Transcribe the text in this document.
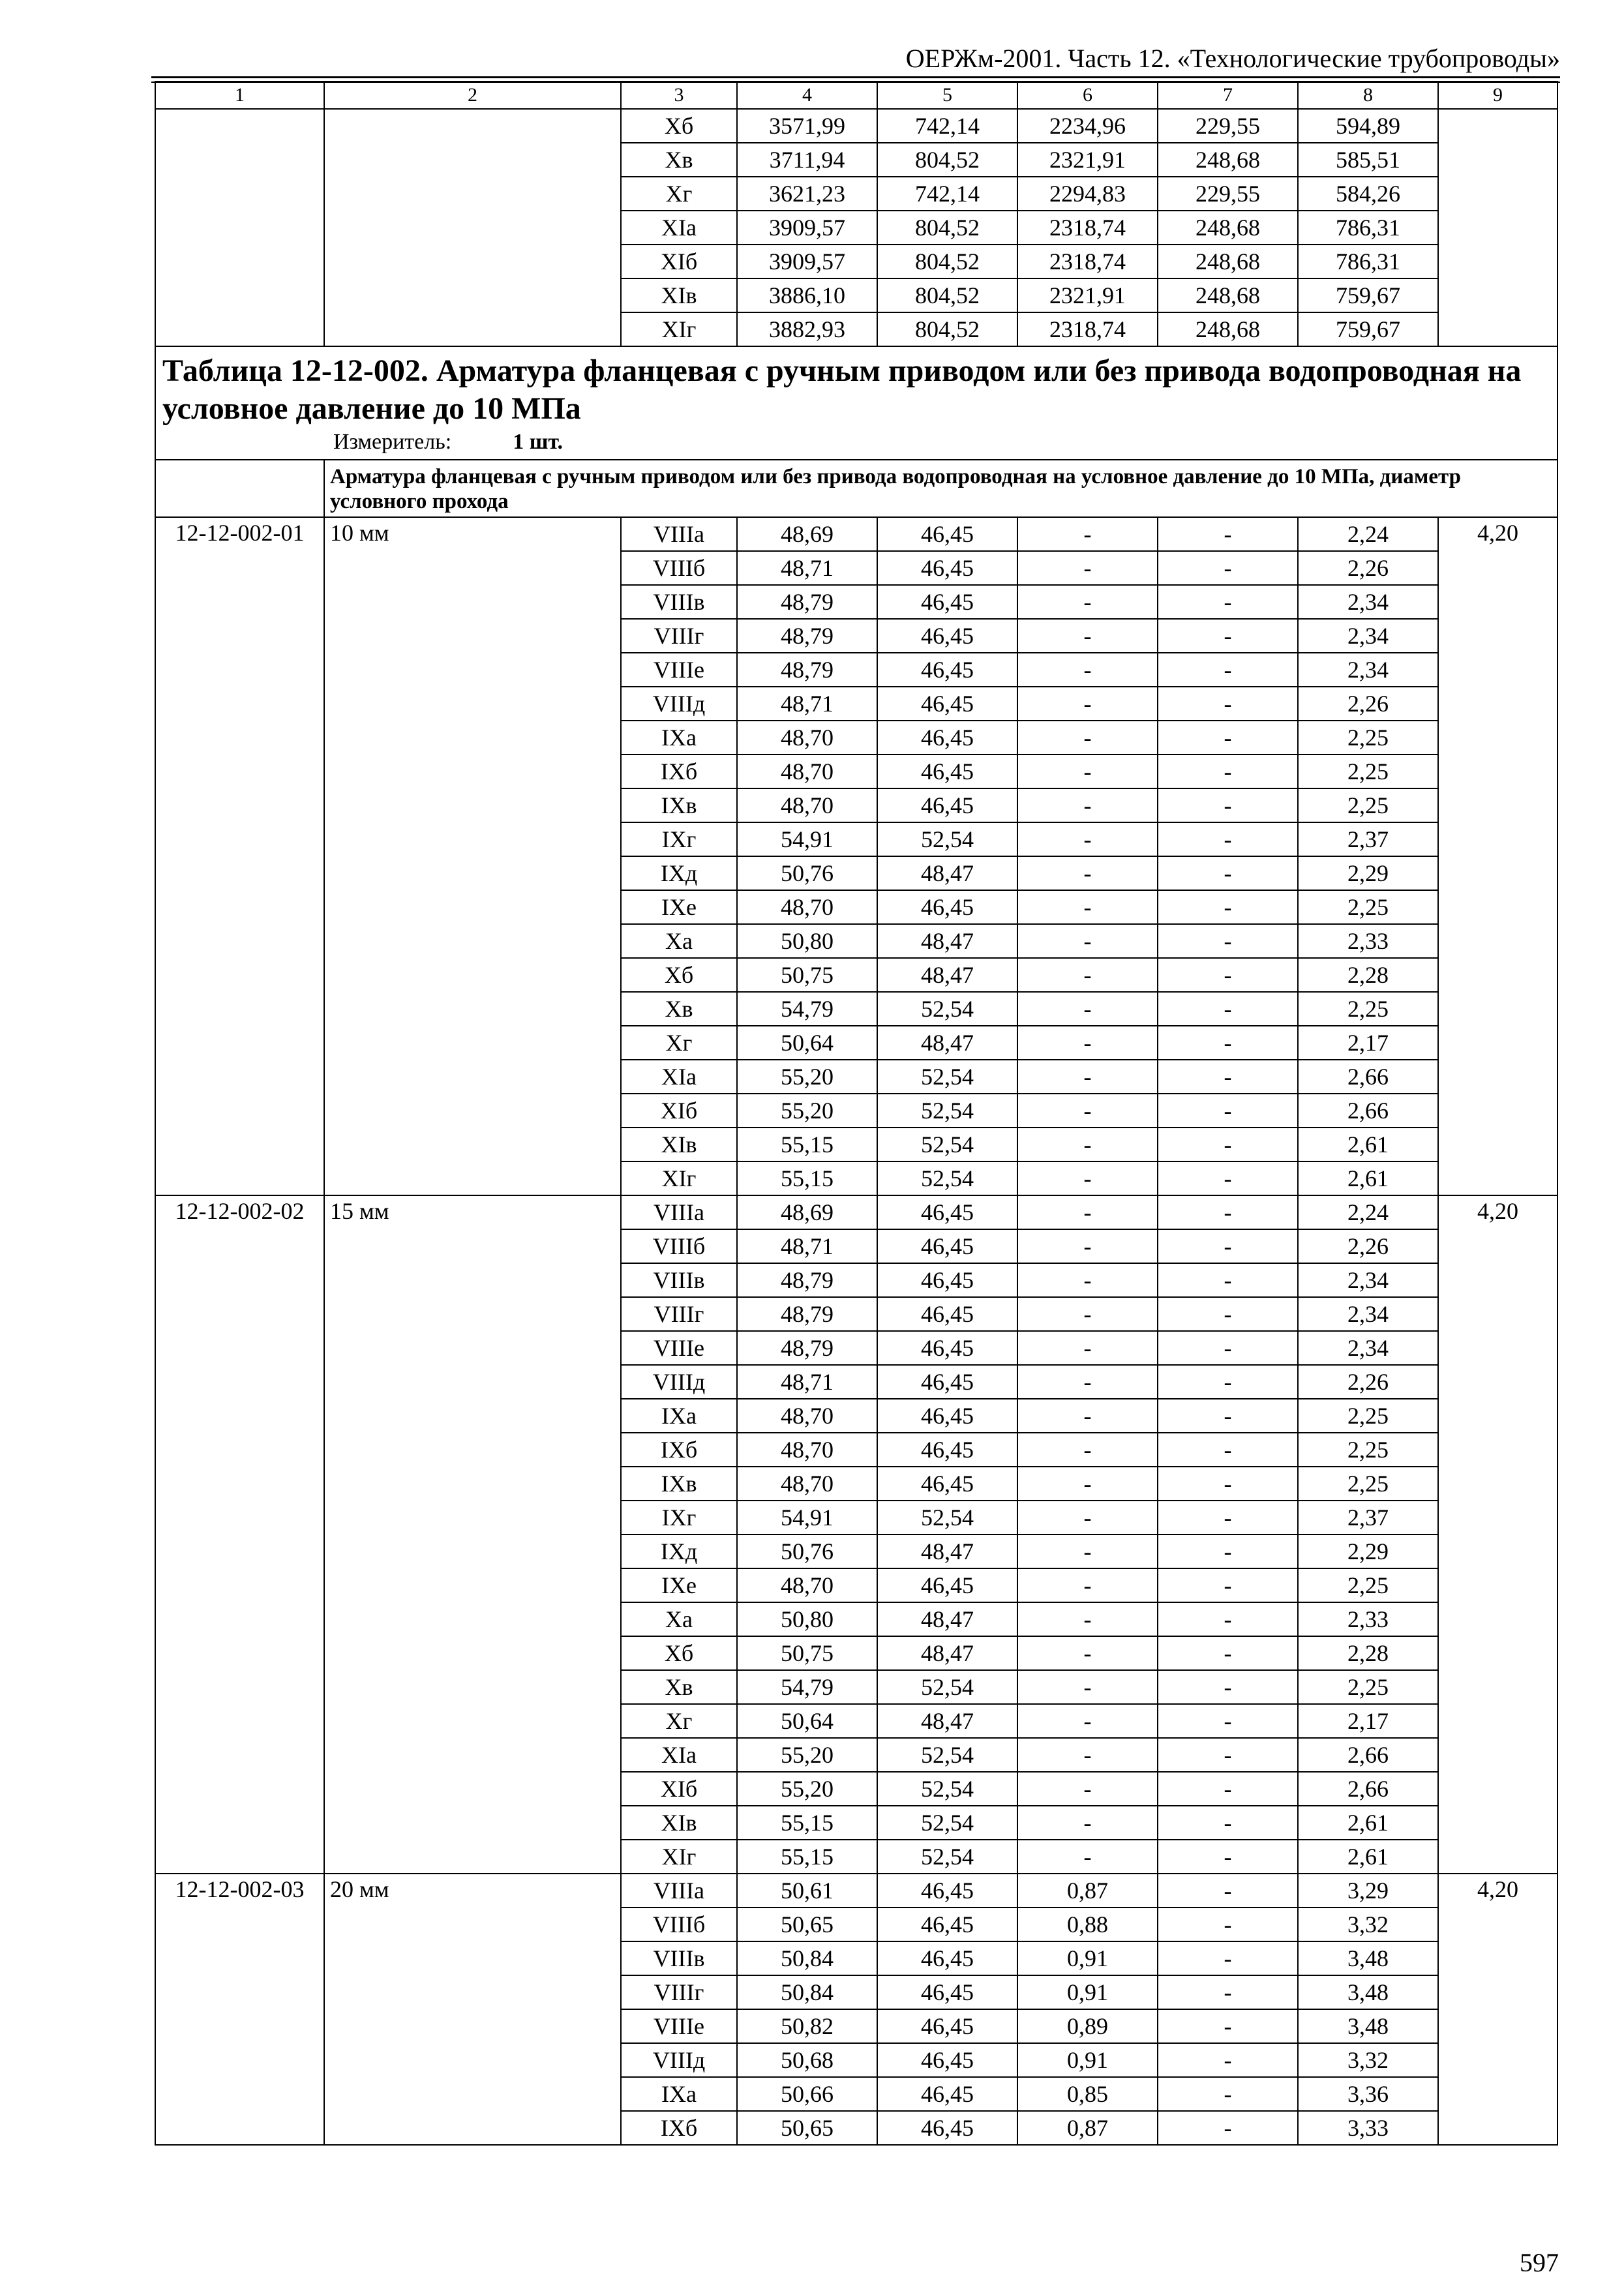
ОЕРЖм-2001. Часть 12. «Технологические трубопроводы»
1	2	3	4	5	6	7	8	9
		Хб	3571,99	742,14	2234,96	229,55	594,89	
		Хв	3711,94	804,52	2321,91	248,68	585,51	
		Хг	3621,23	742,14	2294,83	229,55	584,26	
		XIа	3909,57	804,52	2318,74	248,68	786,31	
		XIб	3909,57	804,52	2318,74	248,68	786,31	
		XIв	3886,10	804,52	2321,91	248,68	759,67	
		XIг	3882,93	804,52	2318,74	248,68	759,67	

Таблица 12-12-002. Арматура фланцевая с ручным приводом или без привода водопроводная на условное давление до 10 МПа
Измеритель: 1 шт.								

	Арматура фланцевая с ручным приводом или без привода водопроводная на условное давление до 10 МПа, диаметр условного прохода							
12-12-002-01	10 мм	VIIIа	48,69	46,45	-	-	2,24	4,20
		VIIIб	48,71	46,45	-	-	2,26	
		VIIIв	48,79	46,45	-	-	2,34	
		VIIIг	48,79	46,45	-	-	2,34	
		VIIIе	48,79	46,45	-	-	2,34	
		VIIIд	48,71	46,45	-	-	2,26	
		IXа	48,70	46,45	-	-	2,25	
		IXб	48,70	46,45	-	-	2,25	
		IXв	48,70	46,45	-	-	2,25	
		IXг	54,91	52,54	-	-	2,37	
		IXд	50,76	48,47	-	-	2,29	
		IXе	48,70	46,45	-	-	2,25	
		Ха	50,80	48,47	-	-	2,33	
		Хб	50,75	48,47	-	-	2,28	
		Хв	54,79	52,54	-	-	2,25	
		Хг	50,64	48,47	-	-	2,17	
		XIа	55,20	52,54	-	-	2,66	
		XIб	55,20	52,54	-	-	2,66	
		XIв	55,15	52,54	-	-	2,61	
		XIг	55,15	52,54	-	-	2,61	
12-12-002-02	15 мм	VIIIа	48,69	46,45	-	-	2,24	4,20
		VIIIб	48,71	46,45	-	-	2,26	
		VIIIв	48,79	46,45	-	-	2,34	
		VIIIг	48,79	46,45	-	-	2,34	
		VIIIе	48,79	46,45	-	-	2,34	
		VIIIд	48,71	46,45	-	-	2,26	
		IXа	48,70	46,45	-	-	2,25	
		IXб	48,70	46,45	-	-	2,25	
		IXв	48,70	46,45	-	-	2,25	
		IXг	54,91	52,54	-	-	2,37	
		IXд	50,76	48,47	-	-	2,29	
		IXе	48,70	46,45	-	-	2,25	
		Ха	50,80	48,47	-	-	2,33	
		Хб	50,75	48,47	-	-	2,28	
		Хв	54,79	52,54	-	-	2,25	
		Хг	50,64	48,47	-	-	2,17	
		XIа	55,20	52,54	-	-	2,66	
		XIб	55,20	52,54	-	-	2,66	
		XIв	55,15	52,54	-	-	2,61	
		XIг	55,15	52,54	-	-	2,61	
12-12-002-03	20 мм	VIIIа	50,61	46,45	0,87	-	3,29	4,20
		VIIIб	50,65	46,45	0,88	-	3,32	
		VIIIв	50,84	46,45	0,91	-	3,48	
		VIIIг	50,84	46,45	0,91	-	3,48	
		VIIIе	50,82	46,45	0,89	-	3,48	
		VIIIд	50,68	46,45	0,91	-	3,32	
		IXа	50,66	46,45	0,85	-	3,36	
		IXб	50,65	46,45	0,87	-	3,33	
597
